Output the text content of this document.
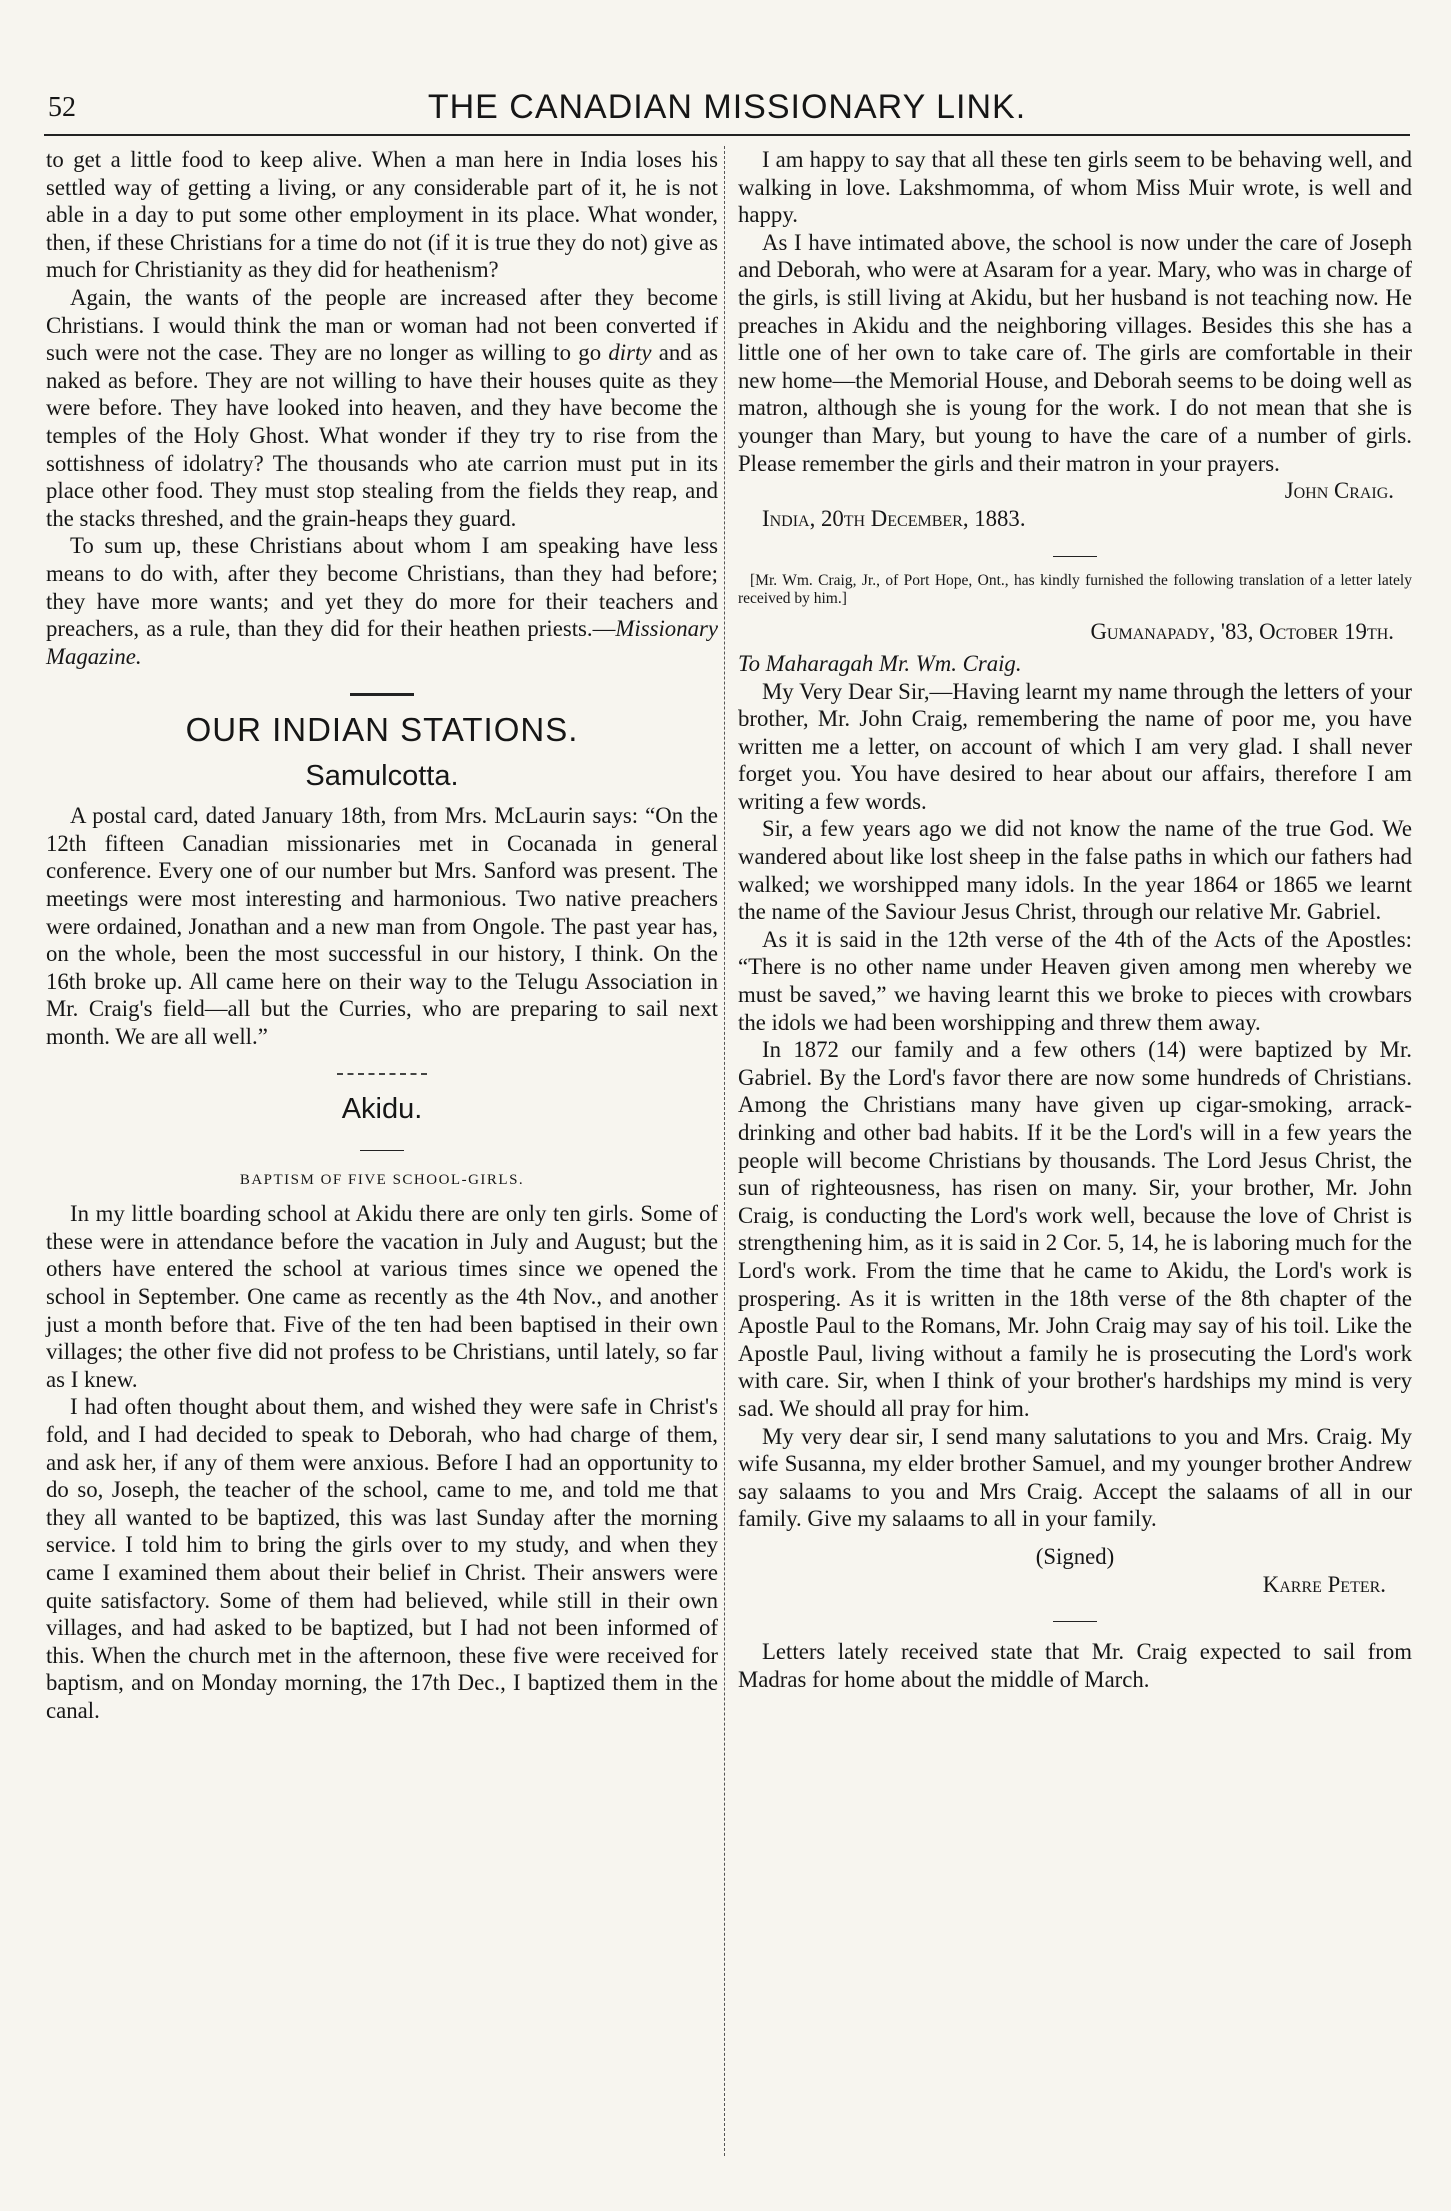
52	THE CANADIAN MISSIONARY LINK.

to get a little food to keep alive. When a man here in India loses his settled way of getting a living, or any considerable part of it, he is not able in a day to put some other employment in its place. What wonder, then, if these Christians for a time do not (if it is true they do not) give as much for Christianity as they did for heathenism?

Again, the wants of the people are increased after they become Christians. I would think the man or woman had not been converted if such were not the case. They are no longer as willing to go dirty and as naked as before. They are not willing to have their houses quite as they were before. They have looked into heaven, and they have become the temples of the Holy Ghost. What wonder if they try to rise from the sottishness of idolatry? The thousands who ate carrion must put in its place other food. They must stop stealing from the fields they reap, and the stacks threshed, and the grain-heaps they guard.

To sum up, these Christians about whom I am speaking have less means to do with, after they become Christians, than they had before; they have more wants; and yet they do more for their teachers and preachers, as a rule, than they did for their heathen priests.—Missionary Magazine.

OUR INDIAN STATIONS.
Samulcotta.

A postal card, dated January 18th, from Mrs. McLaurin says: “On the 12th fifteen Canadian missionaries met in Cocanada in general conference. Every one of our number but Mrs. Sanford was present. The meetings were most interesting and harmonious. Two native preachers were ordained, Jonathan and a new man from Ongole. The past year has, on the whole, been the most successful in our history, I think. On the 16th broke up. All came here on their way to the Telugu Association in Mr. Craig's field—all but the Curries, who are preparing to sail next month. We are all well.”

Akidu.
BAPTISM OF FIVE SCHOOL-GIRLS.

In my little boarding school at Akidu there are only ten girls. Some of these were in attendance before the vacation in July and August; but the others have entered the school at various times since we opened the school in September. One came as recently as the 4th Nov., and another just a month before that. Five of the ten had been baptised in their own villages; the other five did not profess to be Christians, until lately, so far as I knew.

I had often thought about them, and wished they were safe in Christ's fold, and I had decided to speak to Deborah, who had charge of them, and ask her, if any of them were anxious. Before I had an opportunity to do so, Joseph, the teacher of the school, came to me, and told me that they all wanted to be baptized, this was last Sunday after the morning service. I told him to bring the girls over to my study, and when they came I examined them about their belief in Christ. Their answers were quite satisfactory. Some of them had believed, while still in their own villages, and had asked to be baptized, but I had not been informed of this. When the church met in the afternoon, these five were received for baptism, and on Monday morning, the 17th Dec., I baptized them in the canal.

I am happy to say that all these ten girls seem to be behaving well, and walking in love. Lakshmomma, of whom Miss Muir wrote, is well and happy.

As I have intimated above, the school is now under the care of Joseph and Deborah, who were at Asaram for a year. Mary, who was in charge of the girls, is still living at Akidu, but her husband is not teaching now. He preaches in Akidu and the neighboring villages. Besides this she has a little one of her own to take care of. The girls are comfortable in their new home—the Memorial House, and Deborah seems to be doing well as matron, although she is young for the work. I do not mean that she is younger than Mary, but young to have the care of a number of girls. Please remember the girls and their matron in your prayers.

John Craig.
India, 20th December, 1883.

[Mr. Wm. Craig, Jr., of Port Hope, Ont., has kindly furnished the following translation of a letter lately received by him.]

Gumanapady, '83, October 19th.
To Maharagah Mr. Wm. Craig.

My Very Dear Sir,—Having learnt my name through the letters of your brother, Mr. John Craig, remembering the name of poor me, you have written me a letter, on account of which I am very glad. I shall never forget you. You have desired to hear about our affairs, therefore I am writing a few words.

Sir, a few years ago we did not know the name of the true God. We wandered about like lost sheep in the false paths in which our fathers had walked; we worshipped many idols. In the year 1864 or 1865 we learnt the name of the Saviour Jesus Christ, through our relative Mr. Gabriel.

As it is said in the 12th verse of the 4th of the Acts of the Apostles: “There is no other name under Heaven given among men whereby we must be saved,” we having learnt this we broke to pieces with crowbars the idols we had been worshipping and threw them away.

In 1872 our family and a few others (14) were baptized by Mr. Gabriel. By the Lord's favor there are now some hundreds of Christians. Among the Christians many have given up cigar-smoking, arrack-drinking and other bad habits. If it be the Lord's will in a few years the people will become Christians by thousands. The Lord Jesus Christ, the sun of righteousness, has risen on many. Sir, your brother, Mr. John Craig, is conducting the Lord's work well, because the love of Christ is strengthening him, as it is said in 2 Cor. 5, 14, he is laboring much for the Lord's work. From the time that he came to Akidu, the Lord's work is prospering. As it is written in the 18th verse of the 8th chapter of the Apostle Paul to the Romans, Mr. John Craig may say of his toil. Like the Apostle Paul, living without a family he is prosecuting the Lord's work with care. Sir, when I think of your brother's hardships my mind is very sad. We should all pray for him.

My very dear sir, I send many salutations to you and Mrs. Craig. My wife Susanna, my elder brother Samuel, and my younger brother Andrew say salaams to you and Mrs Craig. Accept the salaams of all in our family. Give my salaams to all in your family.

(Signed)
Karre Peter.

Letters lately received state that Mr. Craig expected to sail from Madras for home about the middle of March.
